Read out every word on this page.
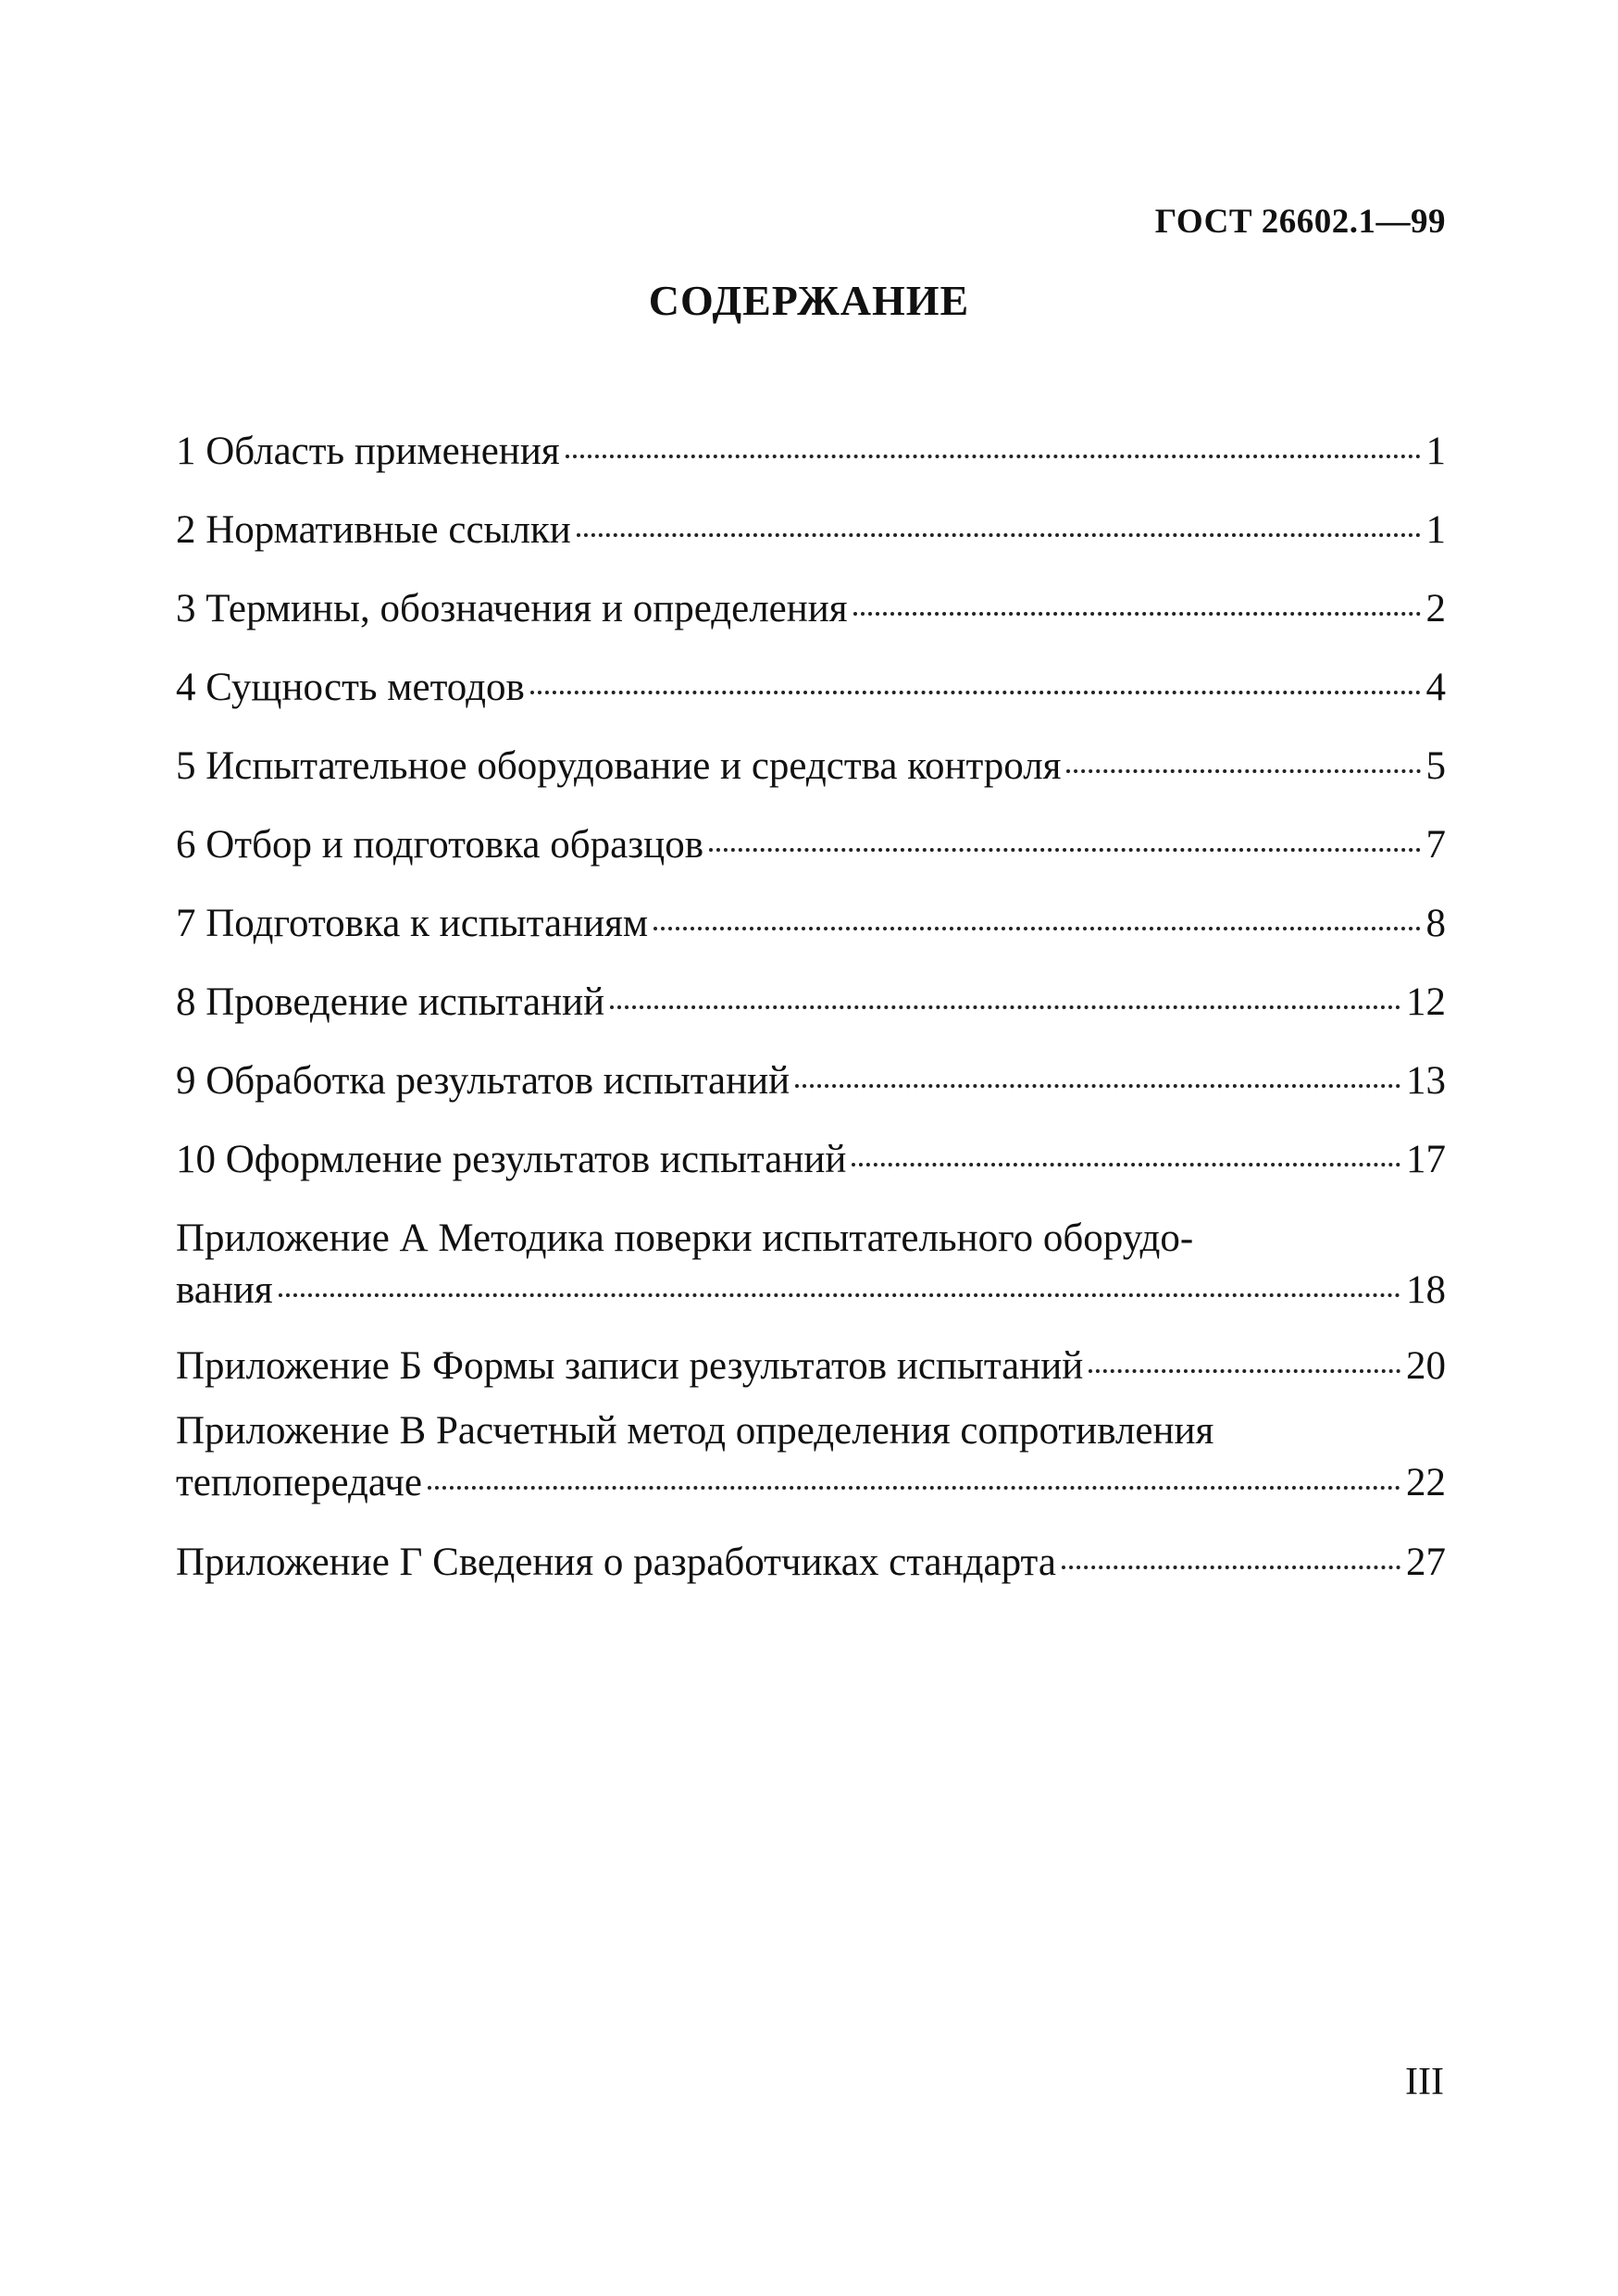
ГОСТ 26602.1—99
СОДЕРЖАНИЕ
1 Область применения	1
2 Нормативные ссылки	1
3 Термины, обозначения и определения	2
4 Сущность методов	4
5 Испытательное оборудование и средства контроля	5
6 Отбор и подготовка образцов	7
7 Подготовка к испытаниям	8
8 Проведение испытаний	12
9 Обработка результатов испытаний	13
10 Оформление результатов испытаний	17
Приложение А Методика поверки испытательного оборудо-
вания	18
Приложение Б Формы записи результатов испытаний	20
Приложение В Расчетный метод определения сопротивления
теплопередаче	22
Приложение Г Сведения о разработчиках стандарта	27
III
